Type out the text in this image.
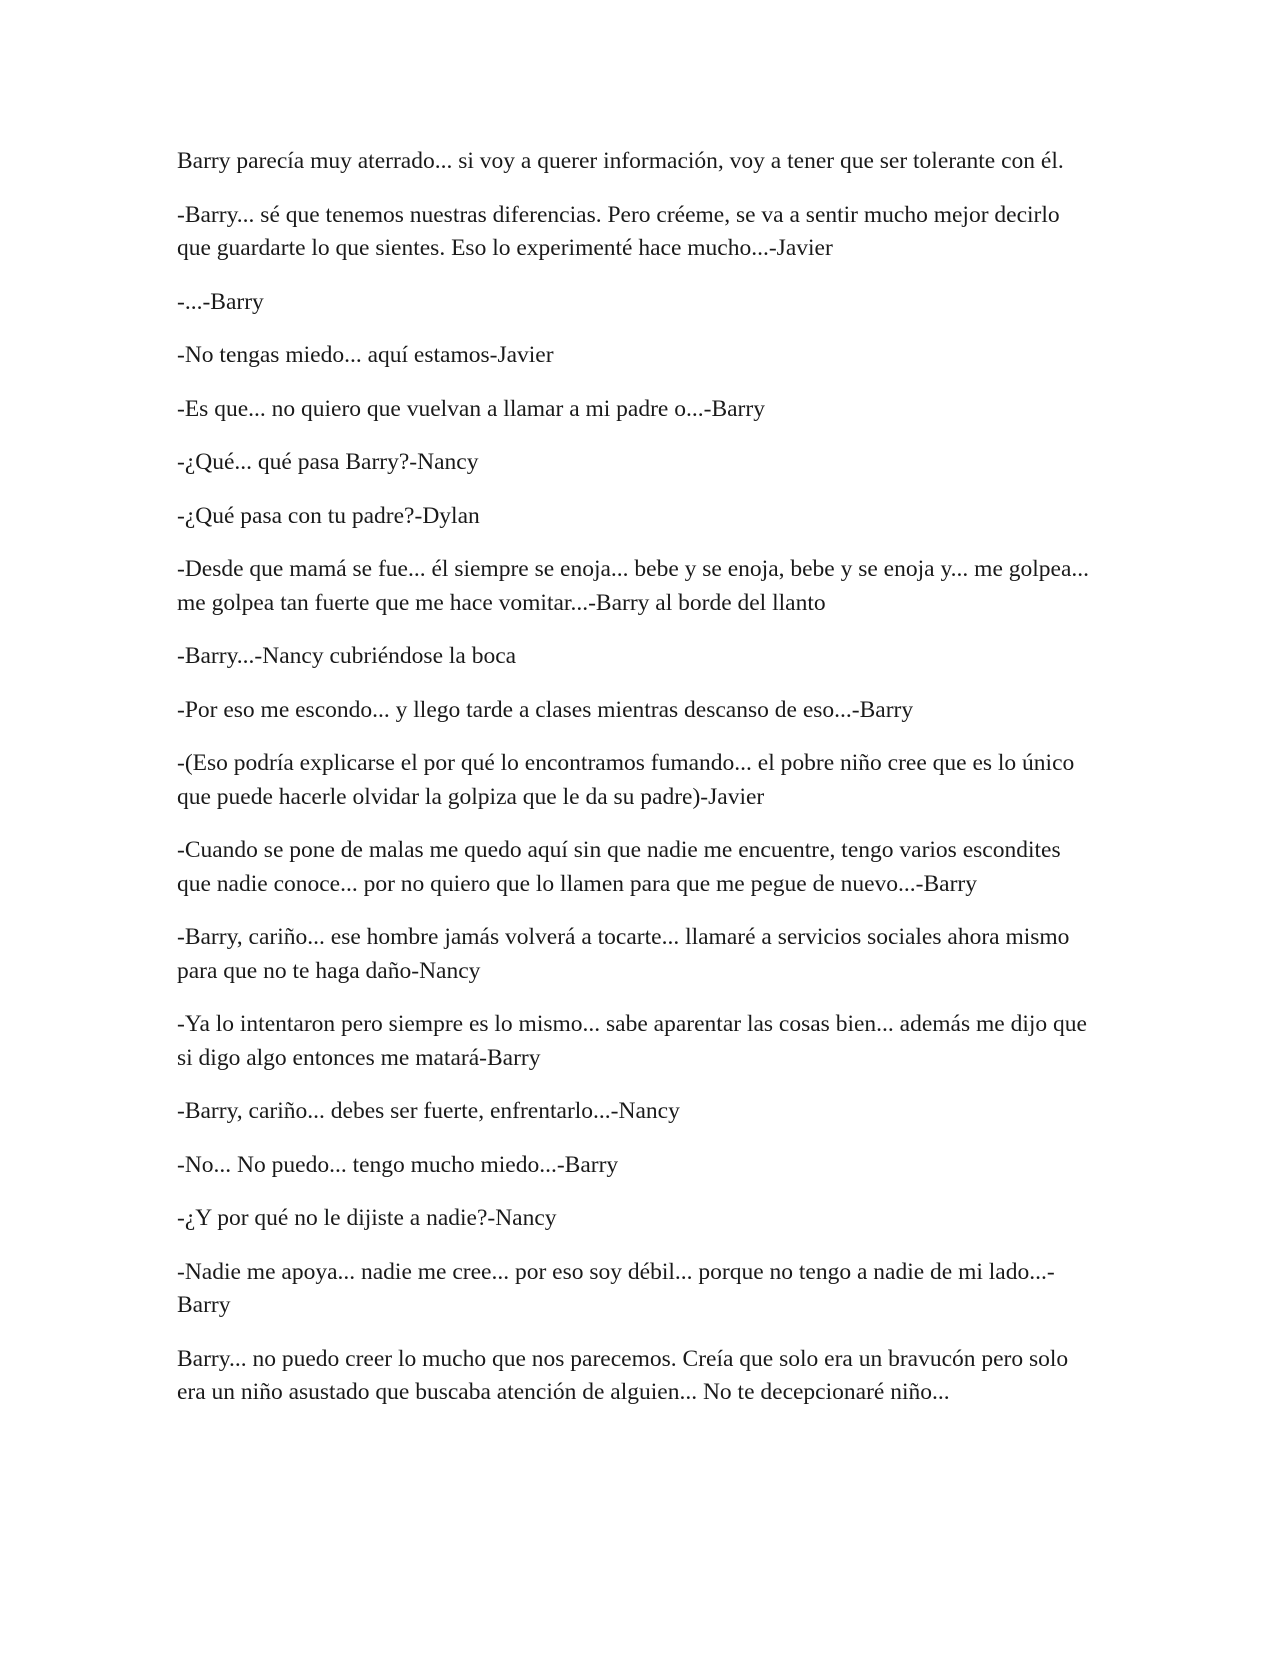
Barry parecía muy aterrado... si voy a querer información, voy a tener que ser tolerante con él.

-Barry... sé que tenemos nuestras diferencias. Pero créeme, se va a sentir mucho mejor decirlo que guardarte lo que sientes. Eso lo experimenté hace mucho...-Javier

-...-Barry

-No tengas miedo... aquí estamos-Javier

-Es que... no quiero que vuelvan a llamar a mi padre o...-Barry

-¿Qué... qué pasa Barry?-Nancy

-¿Qué pasa con tu padre?-Dylan

-Desde que mamá se fue... él siempre se enoja... bebe y se enoja, bebe y se enoja y... me golpea... me golpea tan fuerte que me hace vomitar...-Barry al borde del llanto

-Barry...-Nancy cubriéndose la boca

-Por eso me escondo... y llego tarde a clases mientras descanso de eso...-Barry

-(Eso podría explicarse el por qué lo encontramos fumando... el pobre niño cree que es lo único que puede hacerle olvidar la golpiza que le da su padre)-Javier

-Cuando se pone de malas me quedo aquí sin que nadie me encuentre, tengo varios escondites que nadie conoce... por no quiero que lo llamen para que me pegue de nuevo...-Barry

-Barry, cariño... ese hombre jamás volverá a tocarte... llamaré a servicios sociales ahora mismo para que no te haga daño-Nancy

-Ya lo intentaron pero siempre es lo mismo... sabe aparentar las cosas bien... además me dijo que si digo algo entonces me matará-Barry

-Barry, cariño... debes ser fuerte, enfrentarlo...-Nancy

-No... No puedo... tengo mucho miedo...-Barry

-¿Y por qué no le dijiste a nadie?-Nancy

-Nadie me apoya... nadie me cree... por eso soy débil... porque no tengo a nadie de mi lado...-Barry

Barry... no puedo creer lo mucho que nos parecemos. Creía que solo era un bravucón pero solo era un niño asustado que buscaba atención de alguien... No te decepcionaré niño...
